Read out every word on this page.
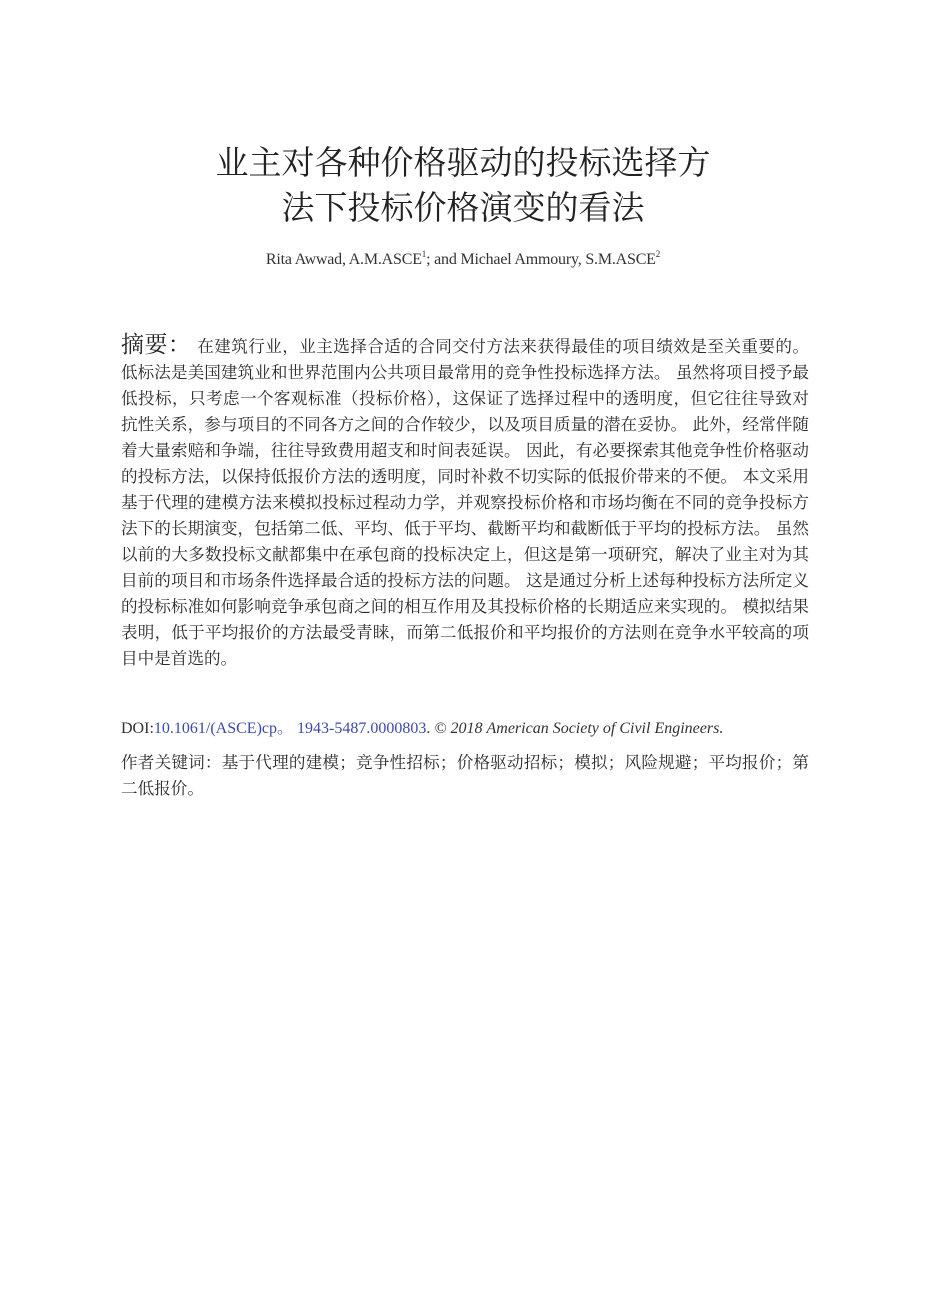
业主对各种价格驱动的投标选择方
法下投标价格演变的看法
Rita Awwad, A.M.ASCE$^1$; and Michael Ammoury, S.M.ASCE$^2$

摘要： 在建筑行业，业主选择合适的合同交付方法来获得最佳的项目绩效是至关重要的。 低标法是美国建筑业和世界范围内公共项目最常用的竞争性投标选择方法。 虽然将项目授予最低投标，只考虑一个客观标准（投标价格），这保证了选择过程中的透明度，但它往往导致对抗性关系，参与项目的不同各方之间的合作较少，以及项目质量的潜在妥协。 此外，经常伴随着大量索赔和争端，往往导致费用超支和时间表延误。 因此，有必要探索其他竞争性价格驱动的投标方法，以保持低报价方法的透明度，同时补救不切实际的低报价带来的不便。 本文采用基于代理的建模方法来模拟投标过程动力学，并观察投标价格和市场均衡在不同的竞争投标方法下的长期演变，包括第二低、平均、低于平均、截断平均和截断低于平均的投标方法。 虽然以前的大多数投标文献都集中在承包商的投标决定上，但这是第一项研究，解决了业主对为其目前的项目和市场条件选择最合适的投标方法的问题。 这是通过分析上述每种投标方法所定义的投标标准如何影响竞争承包商之间的相互作用及其投标价格的长期适应来实现的。 模拟结果表明，低于平均报价的方法最受青睐，而第二低报价和平均报价的方法则在竞争水平较高的项目中是首选的。

DOI:10.1061/(ASCE)cp。 1943-5487.0000803. © 2018 American Society of Civil Engineers.

作者关键词：基于代理的建模；竞争性招标；价格驱动招标；模拟；风险规避；平均报价；第二低报价。
